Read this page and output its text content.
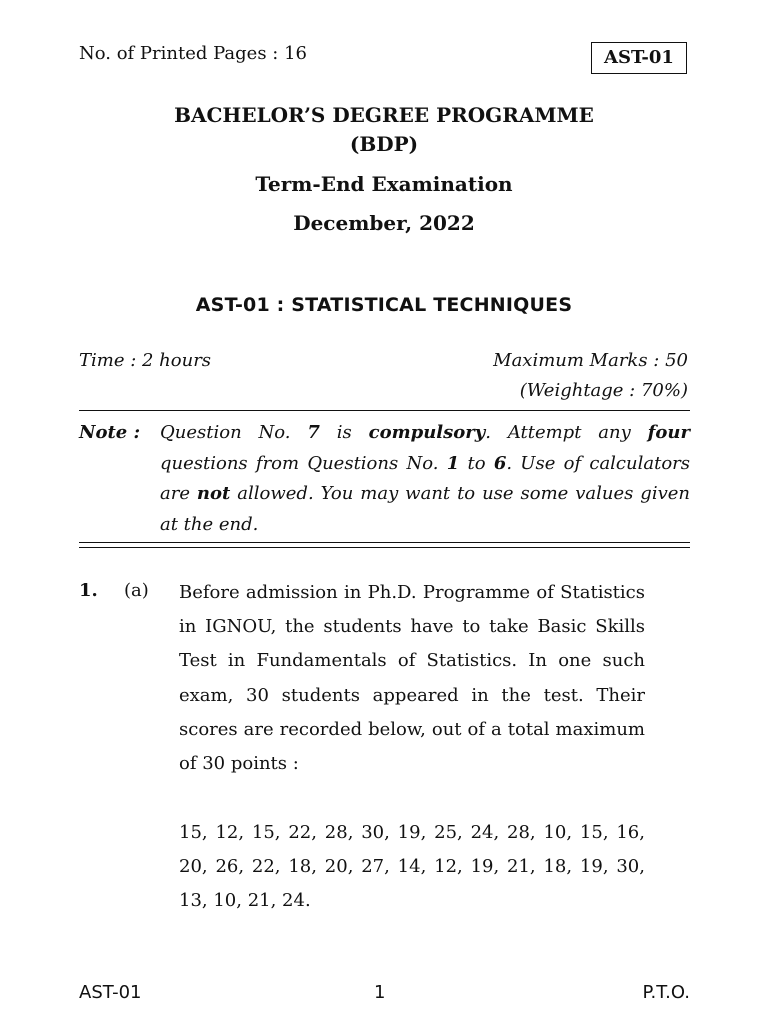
No. of Printed Pages : 16	AST-01
BACHELOR’S DEGREE PROGRAMME
(BDP)
Term-End Examination
December, 2022
AST-01 : STATISTICAL TECHNIQUES
Time : 2 hours	Maximum Marks : 50
(Weightage : 70%)
Note : Question No. 7 is compulsory. Attempt any four questions from Questions No. 1 to 6. Use of calculators are not allowed. You may want to use some values given at the end.
1. (a) Before admission in Ph.D. Programme of Statistics in IGNOU, the students have to take Basic Skills Test in Fundamentals of Statistics. In one such exam, 30 students appeared in the test. Their scores are recorded below, out of a total maximum of 30 points :
15, 12, 15, 22, 28, 30, 19, 25, 24, 28, 10, 15, 16, 20, 26, 22, 18, 20, 27, 14, 12, 19, 21, 18, 19, 30, 13, 10, 21, 24.
AST-01	1	P.T.O.
